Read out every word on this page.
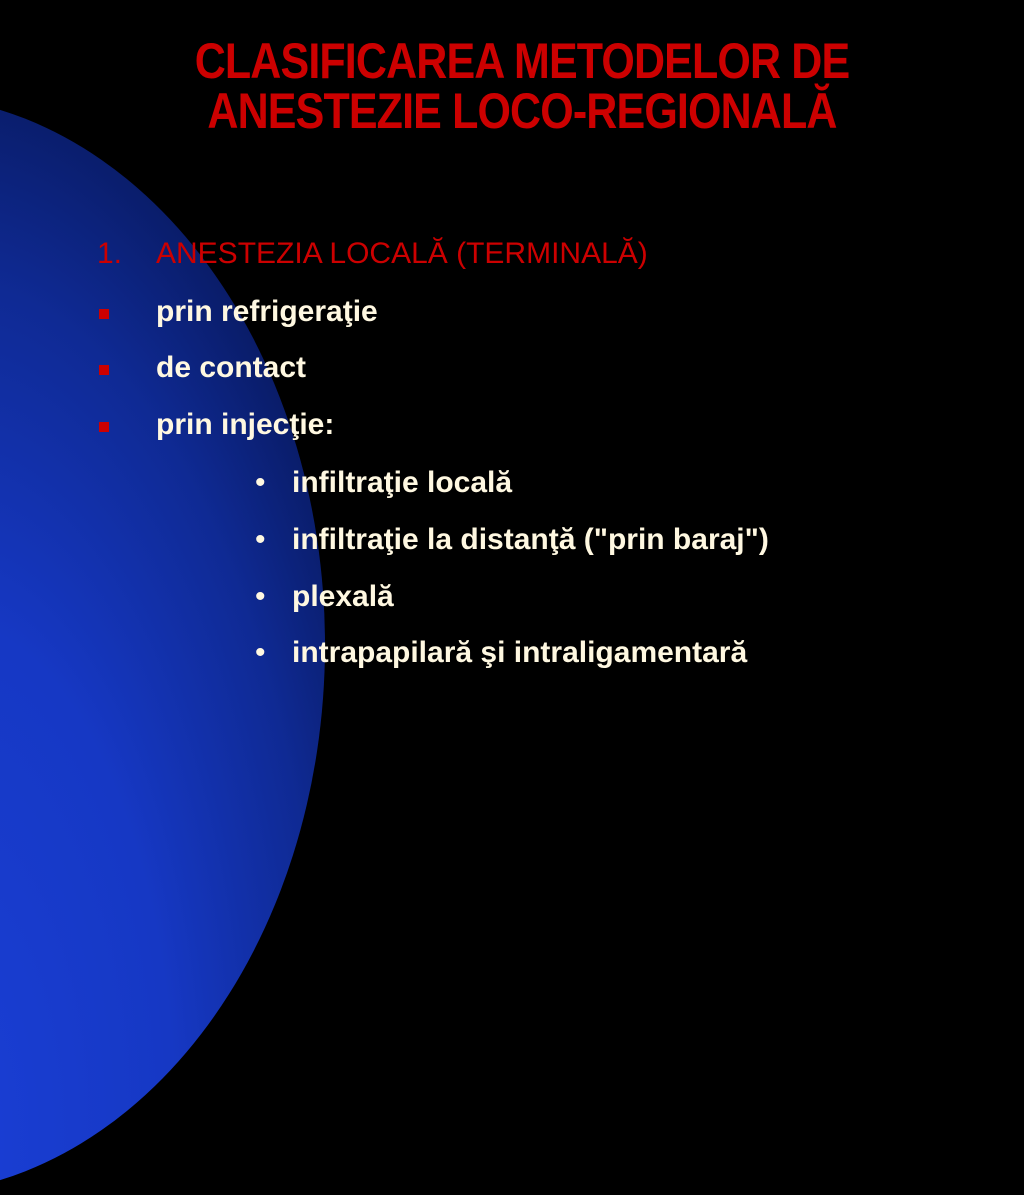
CLASIFICAREA METODELOR DE
ANESTEZIE LOCO-REGIONALĂ
1. ANESTEZIA LOCALĂ (TERMINALĂ)
prin refrigeraţie
de contact
prin injecţie:
• infiltraţie locală
• infiltraţie la distanţă ("prin baraj")
• plexală
• intrapapilară şi intraligamentară
